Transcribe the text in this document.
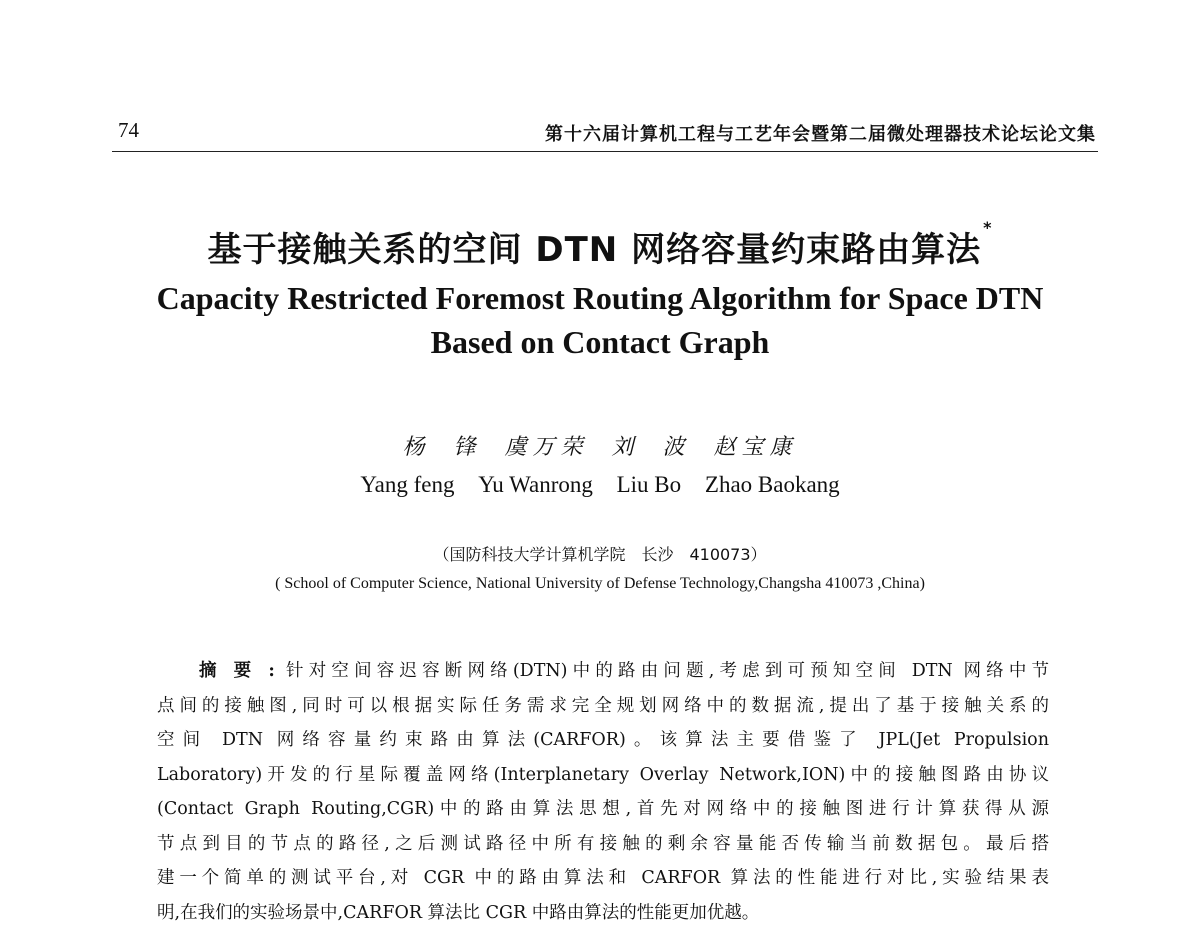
74	第十六届计算机工程与工艺年会暨第二届微处理器技术论坛论文集
基于接触关系的空间 DTN 网络容量约束路由算法*
Capacity Restricted Foremost Routing Algorithm for Space DTN
Based on Contact Graph
杨 锋 虞万荣 刘 波 赵宝康
Yang feng Yu Wanrong Liu Bo Zhao Baokang
（国防科技大学计算机学院　长沙　410073）
( School of Computer Science, National University of Defense Technology,Changsha 410073 ,China)
摘要: 针对空间容迟容断网络(DTN)中的路由问题,考虑到可预知空间 DTN 网络中节
点间的接触图,同时可以根据实际任务需求完全规划网络中的数据流,提出了基于接触关系的
空间 DTN 网络容量约束路由算法(CARFOR)。该算法主要借鉴了 JPL(Jet Propulsion
Laboratory)开发的行星际覆盖网络(Interplanetary Overlay Network,ION)中的接触图路由协议
(Contact Graph Routing,CGR)中的路由算法思想,首先对网络中的接触图进行计算获得从源
节点到目的节点的路径,之后测试路径中所有接触的剩余容量能否传输当前数据包。最后搭
建一个简单的测试平台,对 CGR 中的路由算法和 CARFOR 算法的性能进行对比,实验结果表
明,在我们的实验场景中,CARFOR 算法比 CGR 中路由算法的性能更加优越。
